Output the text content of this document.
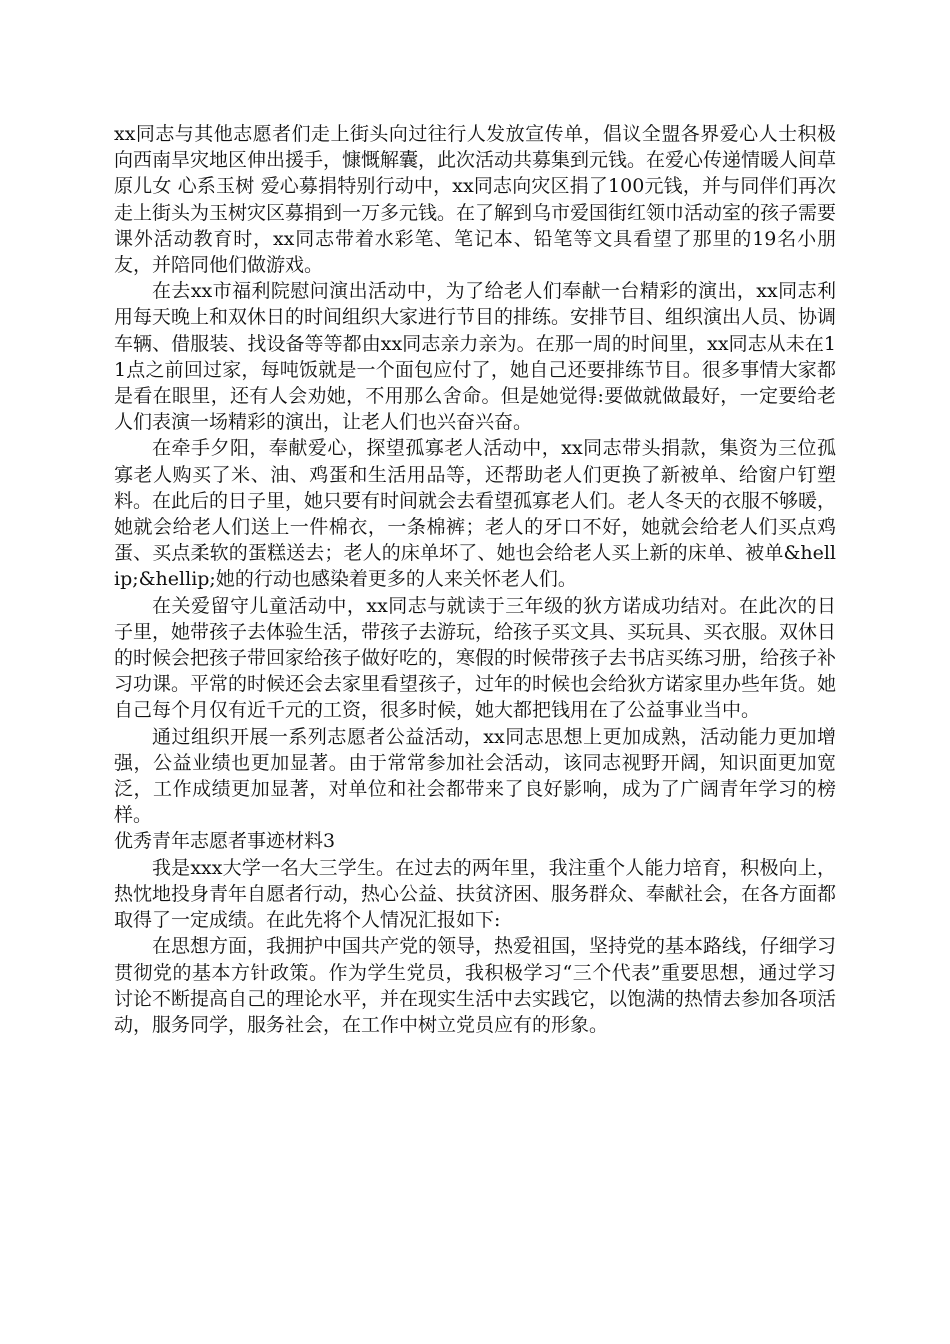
xx同志与其他志愿者们走上街头向过往行人发放宣传单，倡议全盟各界爱心人士积极向西南旱灾地区伸出援手，慷慨解囊，此次活动共募集到元钱。在爱心传递情暖人间草原儿女 心系玉树 爱心募捐特别行动中，xx同志向灾区捐了100元钱，并与同伴们再次走上街头为玉树灾区募捐到一万多元钱。在了解到乌市爱国街红领巾活动室的孩子需要课外活动教育时，xx同志带着水彩笔、笔记本、铅笔等文具看望了那里的19名小朋友，并陪同他们做游戏。

在去xx市福利院慰问演出活动中，为了给老人们奉献一台精彩的演出，xx同志利用每天晚上和双休日的时间组织大家进行节目的排练。安排节目、组织演出人员、协调车辆、借服装、找设备等等都由xx同志亲力亲为。在那一周的时间里，xx同志从未在11点之前回过家，每吨饭就是一个面包应付了，她自己还要排练节目。很多事情大家都是看在眼里，还有人会劝她，不用那么舍命。但是她觉得:要做就做最好，一定要给老人们表演一场精彩的演出，让老人们也兴奋兴奋。

在牵手夕阳，奉献爱心，探望孤寡老人活动中，xx同志带头捐款，集资为三位孤寡老人购买了米、油、鸡蛋和生活用品等，还帮助老人们更换了新被单、给窗户钉塑料。在此后的日子里，她只要有时间就会去看望孤寡老人们。老人冬天的衣服不够暖，她就会给老人们送上一件棉衣，一条棉裤；老人的牙口不好，她就会给老人们买点鸡蛋、买点柔软的蛋糕送去；老人的床单坏了、她也会给老人买上新的床单、被单&hellip;&hellip;她的行动也感染着更多的人来关怀老人们。

在关爱留守儿童活动中，xx同志与就读于三年级的狄方诺成功结对。在此次的日子里，她带孩子去体验生活，带孩子去游玩，给孩子买文具、买玩具、买衣服。双休日的时候会把孩子带回家给孩子做好吃的，寒假的时候带孩子去书店买练习册，给孩子补习功课。平常的时候还会去家里看望孩子，过年的时候也会给狄方诺家里办些年货。她自己每个月仅有近千元的工资，很多时候，她大都把钱用在了公益事业当中。

通过组织开展一系列志愿者公益活动，xx同志思想上更加成熟，活动能力更加增强，公益业绩也更加显著。由于常常参加社会活动，该同志视野开阔，知识面更加宽泛，工作成绩更加显著，对单位和社会都带来了良好影响，成为了广阔青年学习的榜样。

优秀青年志愿者事迹材料3

我是xxx大学一名大三学生。在过去的两年里，我注重个人能力培育，积极向上，热忱地投身青年自愿者行动，热心公益、扶贫济困、服务群众、奉献社会，在各方面都取得了一定成绩。在此先将个人情况汇报如下:

在思想方面，我拥护中国共产党的领导，热爱祖国，坚持党的基本路线，仔细学习贯彻党的基本方针政策。作为学生党员，我积极学习“三个代表”重要思想，通过学习讨论不断提高自己的理论水平，并在现实生活中去实践它，以饱满的热情去参加各项活动，服务同学，服务社会，在工作中树立党员应有的形象。
